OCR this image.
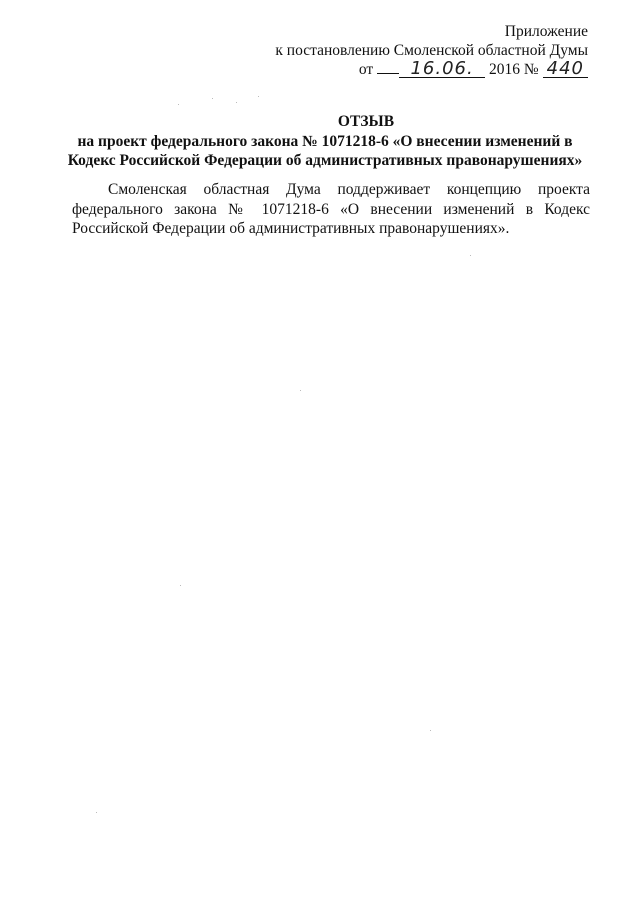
Приложение
к постановлению Смоленской областной Думы
от 16.06. 2016 № 440
ОТЗЫВ
на проект федерального закона № 1071218-6 «О внесении изменений в
Кодекс Российской Федерации об административных правонарушениях»
Смоленская областная Дума поддерживает концепцию проекта федерального закона № 1071218-6 «О внесении изменений в Кодекс Российской Федерации об административных правонарушениях».
